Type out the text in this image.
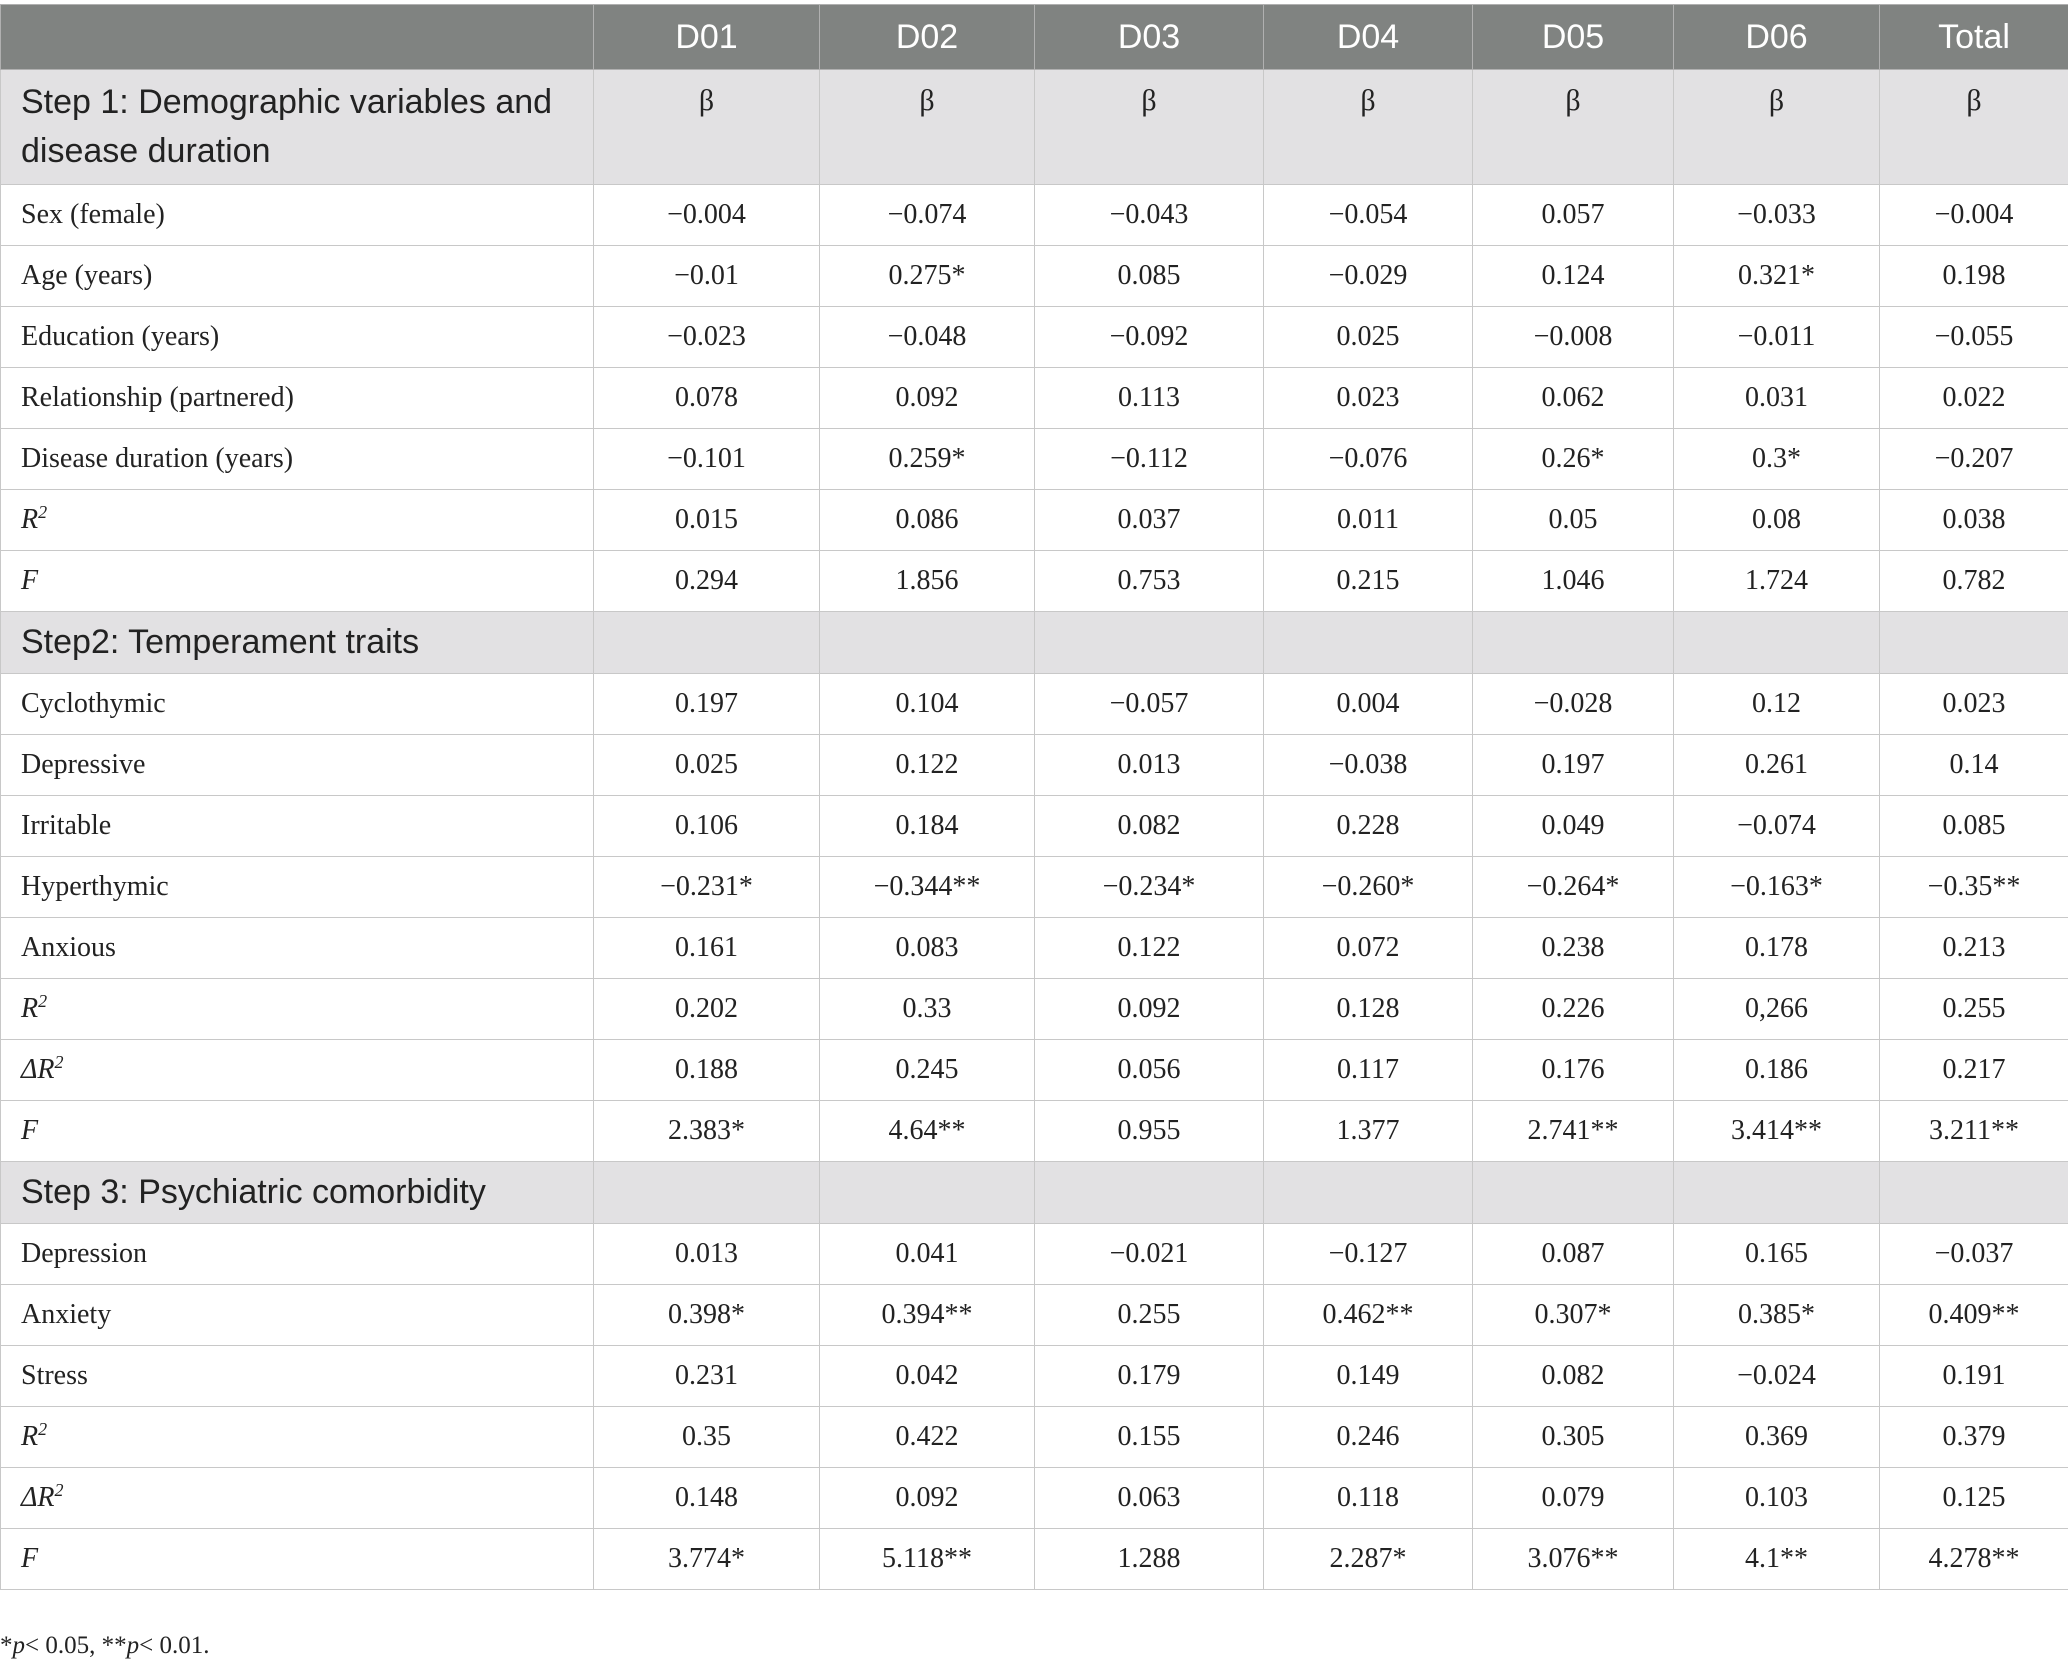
	D01	D02	D03	D04	D05	D06	Total
Step 1: Demographic variables and disease duration	β	β	β	β	β	β	β
Sex (female)	−0.004	−0.074	−0.043	−0.054	0.057	−0.033	−0.004
Age (years)	−0.01	0.275*	0.085	−0.029	0.124	0.321*	0.198
Education (years)	−0.023	−0.048	−0.092	0.025	−0.008	−0.011	−0.055
Relationship (partnered)	0.078	0.092	0.113	0.023	0.062	0.031	0.022
Disease duration (years)	−0.101	0.259*	−0.112	−0.076	0.26*	0.3*	−0.207
$R^2$	0.015	0.086	0.037	0.011	0.05	0.08	0.038
F	0.294	1.856	0.753	0.215	1.046	1.724	0.782
Step2: Temperament traits							
Cyclothymic	0.197	0.104	−0.057	0.004	−0.028	0.12	0.023
Depressive	0.025	0.122	0.013	−0.038	0.197	0.261	0.14
Irritable	0.106	0.184	0.082	0.228	0.049	−0.074	0.085
Hyperthymic	−0.231*	−0.344**	−0.234*	−0.260*	−0.264*	−0.163*	−0.35**
Anxious	0.161	0.083	0.122	0.072	0.238	0.178	0.213
$R^2$	0.202	0.33	0.092	0.128	0.226	0,266	0.255
$\Delta R^2$	0.188	0.245	0.056	0.117	0.176	0.186	0.217
F	2.383*	4.64**	0.955	1.377	2.741**	3.414**	3.211**
Step 3: Psychiatric comorbidity							
Depression	0.013	0.041	−0.021	−0.127	0.087	0.165	−0.037
Anxiety	0.398*	0.394**	0.255	0.462**	0.307*	0.385*	0.409**
Stress	0.231	0.042	0.179	0.149	0.082	−0.024	0.191
$R^2$	0.35	0.422	0.155	0.246	0.305	0.369	0.379
$\Delta R^2$	0.148	0.092	0.063	0.118	0.079	0.103	0.125
F	3.774*	5.118**	1.288	2.287*	3.076**	4.1**	4.278**
*p< 0.05, **p< 0.01.
